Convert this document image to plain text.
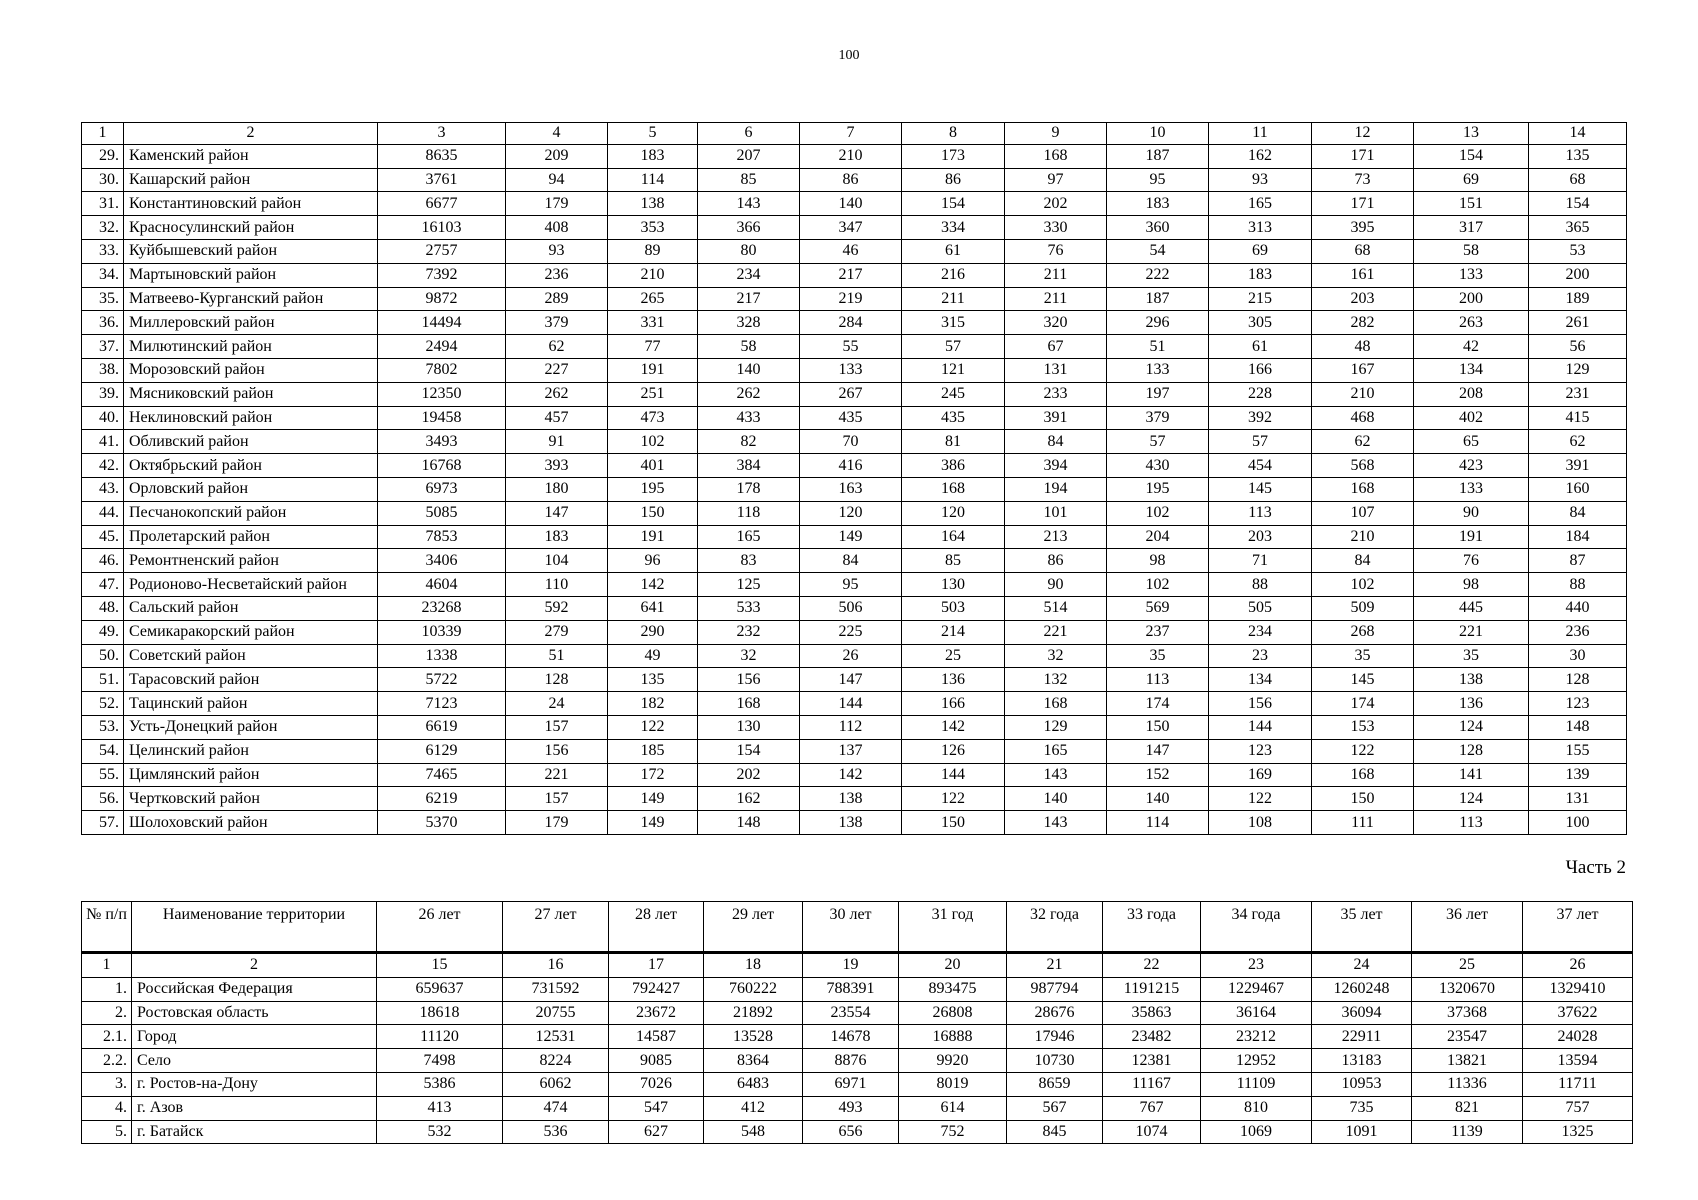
100
1	2	3	4	5	6	7	8	9	10	11	12	13	14
29.	Каменский район	8635	209	183	207	210	173	168	187	162	171	154	135
30.	Кашарский район	3761	94	114	85	86	86	97	95	93	73	69	68
31.	Константиновский район	6677	179	138	143	140	154	202	183	165	171	151	154
32.	Красносулинский район	16103	408	353	366	347	334	330	360	313	395	317	365
33.	Куйбышевский район	2757	93	89	80	46	61	76	54	69	68	58	53
34.	Мартыновский район	7392	236	210	234	217	216	211	222	183	161	133	200
35.	Матвеево-Курганский район	9872	289	265	217	219	211	211	187	215	203	200	189
36.	Миллеровский район	14494	379	331	328	284	315	320	296	305	282	263	261
37.	Милютинский район	2494	62	77	58	55	57	67	51	61	48	42	56
38.	Морозовский район	7802	227	191	140	133	121	131	133	166	167	134	129
39.	Мясниковский район	12350	262	251	262	267	245	233	197	228	210	208	231
40.	Неклиновский район	19458	457	473	433	435	435	391	379	392	468	402	415
41.	Обливский район	3493	91	102	82	70	81	84	57	57	62	65	62
42.	Октябрьский район	16768	393	401	384	416	386	394	430	454	568	423	391
43.	Орловский район	6973	180	195	178	163	168	194	195	145	168	133	160
44.	Песчанокопский район	5085	147	150	118	120	120	101	102	113	107	90	84
45.	Пролетарский район	7853	183	191	165	149	164	213	204	203	210	191	184
46.	Ремонтненский район	3406	104	96	83	84	85	86	98	71	84	76	87
47.	Родионово-Несветайский район	4604	110	142	125	95	130	90	102	88	102	98	88
48.	Сальский район	23268	592	641	533	506	503	514	569	505	509	445	440
49.	Семикаракорский район	10339	279	290	232	225	214	221	237	234	268	221	236
50.	Советский район	1338	51	49	32	26	25	32	35	23	35	35	30
51.	Тарасовский район	5722	128	135	156	147	136	132	113	134	145	138	128
52.	Тацинский район	7123	24	182	168	144	166	168	174	156	174	136	123
53.	Усть-Донецкий район	6619	157	122	130	112	142	129	150	144	153	124	148
54.	Целинский район	6129	156	185	154	137	126	165	147	123	122	128	155
55.	Цимлянский район	7465	221	172	202	142	144	143	152	169	168	141	139
56.	Чертковский район	6219	157	149	162	138	122	140	140	122	150	124	131
57.	Шолоховский район	5370	179	149	148	138	150	143	114	108	111	113	100
Часть 2
№ п/п	Наименование территории	26 лет	27 лет	28 лет	29 лет	30 лет	31 год	32 года	33 года	34 года	35 лет	36 лет	37 лет
1	2	15	16	17	18	19	20	21	22	23	24	25	26
1.	Российская Федерация	659637	731592	792427	760222	788391	893475	987794	1191215	1229467	1260248	1320670	1329410
2.	Ростовская область	18618	20755	23672	21892	23554	26808	28676	35863	36164	36094	37368	37622
2.1.	Город	11120	12531	14587	13528	14678	16888	17946	23482	23212	22911	23547	24028
2.2.	Село	7498	8224	9085	8364	8876	9920	10730	12381	12952	13183	13821	13594
3.	г. Ростов-на-Дону	5386	6062	7026	6483	6971	8019	8659	11167	11109	10953	11336	11711
4.	г. Азов	413	474	547	412	493	614	567	767	810	735	821	757
5.	г. Батайск	532	536	627	548	656	752	845	1074	1069	1091	1139	1325
